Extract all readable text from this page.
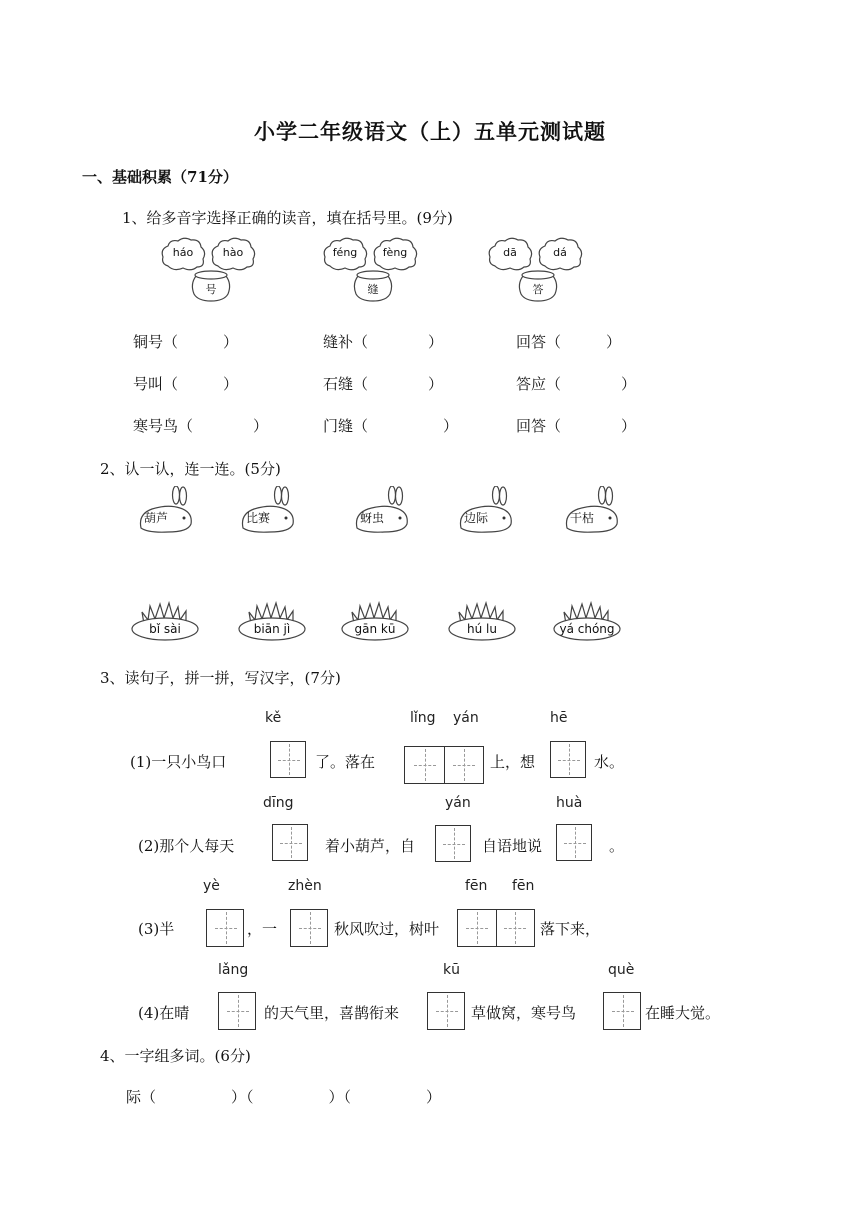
小学二年级语文（上）五单元测试题
一、基础积累（71分）
1、给多音字选择正确的读音，填在括号里。(9分)
háo	hào
号
féng	fèng
缝
dā	dá
答
铜号（　　　）	缝补（　　　　）	回答（　　　）
号叫（　　　）	石缝（　　　　）	答应（　　　　）
寒号鸟（　　　　）	门缝（　　　　　）	回答（　　　　）
2、认一认，连一连。(5分)
葫芦	比赛	蚜虫	边际	干枯
bǐ sài	biān jì	gān kū	hú lu	yá chóng
3、读句子，拼一拼，写汉字，(7分)
kě	lǐng yán	hē
(1)一只小鸟口	了。落在	上，想	水。
dīng	yán	huà
(2)那个人每天	着小葫芦，自	自语地说	。
yè	zhèn	fēn fēn
(3)半	，一	秋风吹过，树叶	落下来，
lǎng	kū	què
(4)在晴	的天气里，喜鹊衔来	草做窝，寒号鸟	在睡大觉。
4、一字组多词。(6分)
际（　　　　　）（　　　　　）（　　　　　）
